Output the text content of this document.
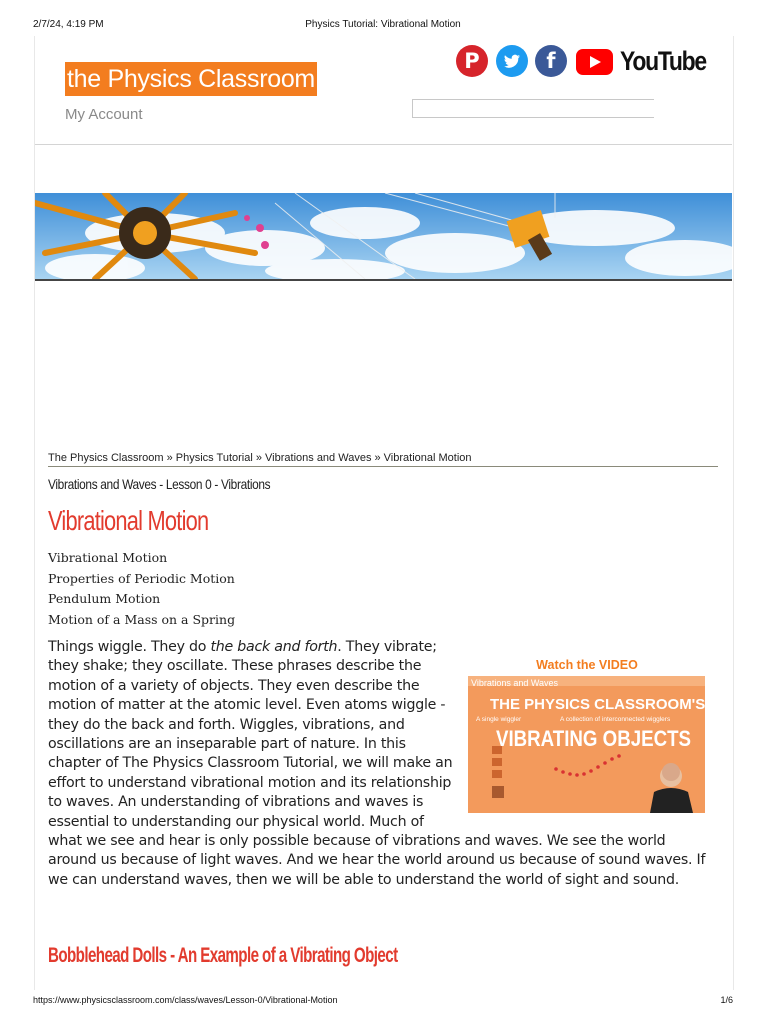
2/7/24, 4:19 PM	Physics Tutorial: Vibrational Motion
the Physics Classroom
My Account
P	f	YouTube
The Physics Classroom » Physics Tutorial » Vibrations and Waves » Vibrational Motion
Vibrations and Waves - Lesson 0 - Vibrations
Vibrational Motion
Vibrational Motion
Properties of Periodic Motion
Pendulum Motion
Motion of a Mass on a Spring

Things wiggle. They do the back and forth. They vibrate; they shake; they oscillate. These phrases describe the motion of a variety of objects. They even describe the motion of matter at the atomic level. Even atoms wiggle - they do the back and forth. Wiggles, vibrations, and oscillations are an inseparable part of nature. In this chapter of The Physics Classroom Tutorial, we will make an effort to understand vibrational motion and its relationship to waves. An understanding of vibrations and waves is essential to understanding our physical world. Much of what we see and hear is only possible because of vibrations and waves. We see the world around us because of light waves. And we hear the world around us because of sound waves. If we can understand waves, then we will be able to understand the world of sight and sound.

Watch the VIDEO
Vibrations and Waves
A single wiggler	A collection of interconnected wigglers
THE PHYSICS CLASSROOM'S
VIBRATING OBJECTS
Bobblehead Dolls - An Example of a Vibrating Object
https://www.physicsclassroom.com/class/waves/Lesson-0/Vibrational-Motion	1/6
